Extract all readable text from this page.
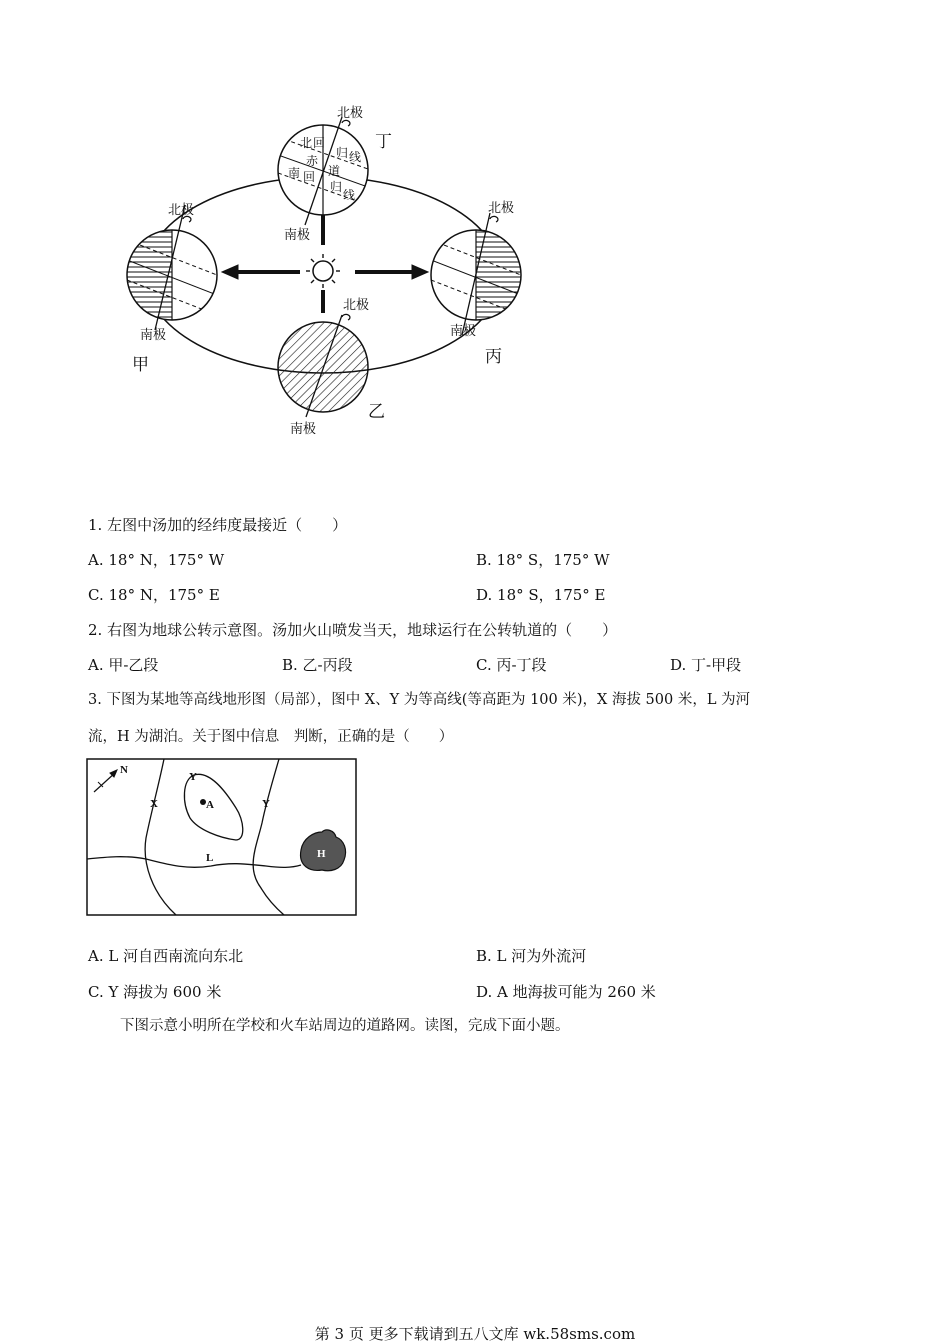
北极
南极
北极
南极
北极
南极
北极
南极
甲	丙
乙
丁
北 回
归 线
赤
道
南 回
归
线
1. 左图中汤加的经纬度最接近（　　）
A. 18° N，175° W	B. 18° S，175° W
C. 18° N，175° E	D. 18° S，175° E
2. 右图为地球公转示意图。汤加火山喷发当天，地球运行在公转轨道的（　　）
A. 甲-乙段	B. 乙-丙段	C. 丙-丁段	D. 丁-甲段
3. 下图为某地等高线地形图（局部），图中 X、Y 为等高线(等高距为 100 米)，X 海拔 500 米，L 为河
流，H 为湖泊。关于图中信息　判断，正确的是（　　）
N
X
Y
Y
A
L	H
A. L 河自西南流向东北	B. L 河为外流河
C. Y 海拔为 600 米	D. A 地海拔可能为 260 米
下图示意小明所在学校和火车站周边的道路网。读图，完成下面小题。
第 3 页 更多下载请到五八文库 wk.58sms.com
